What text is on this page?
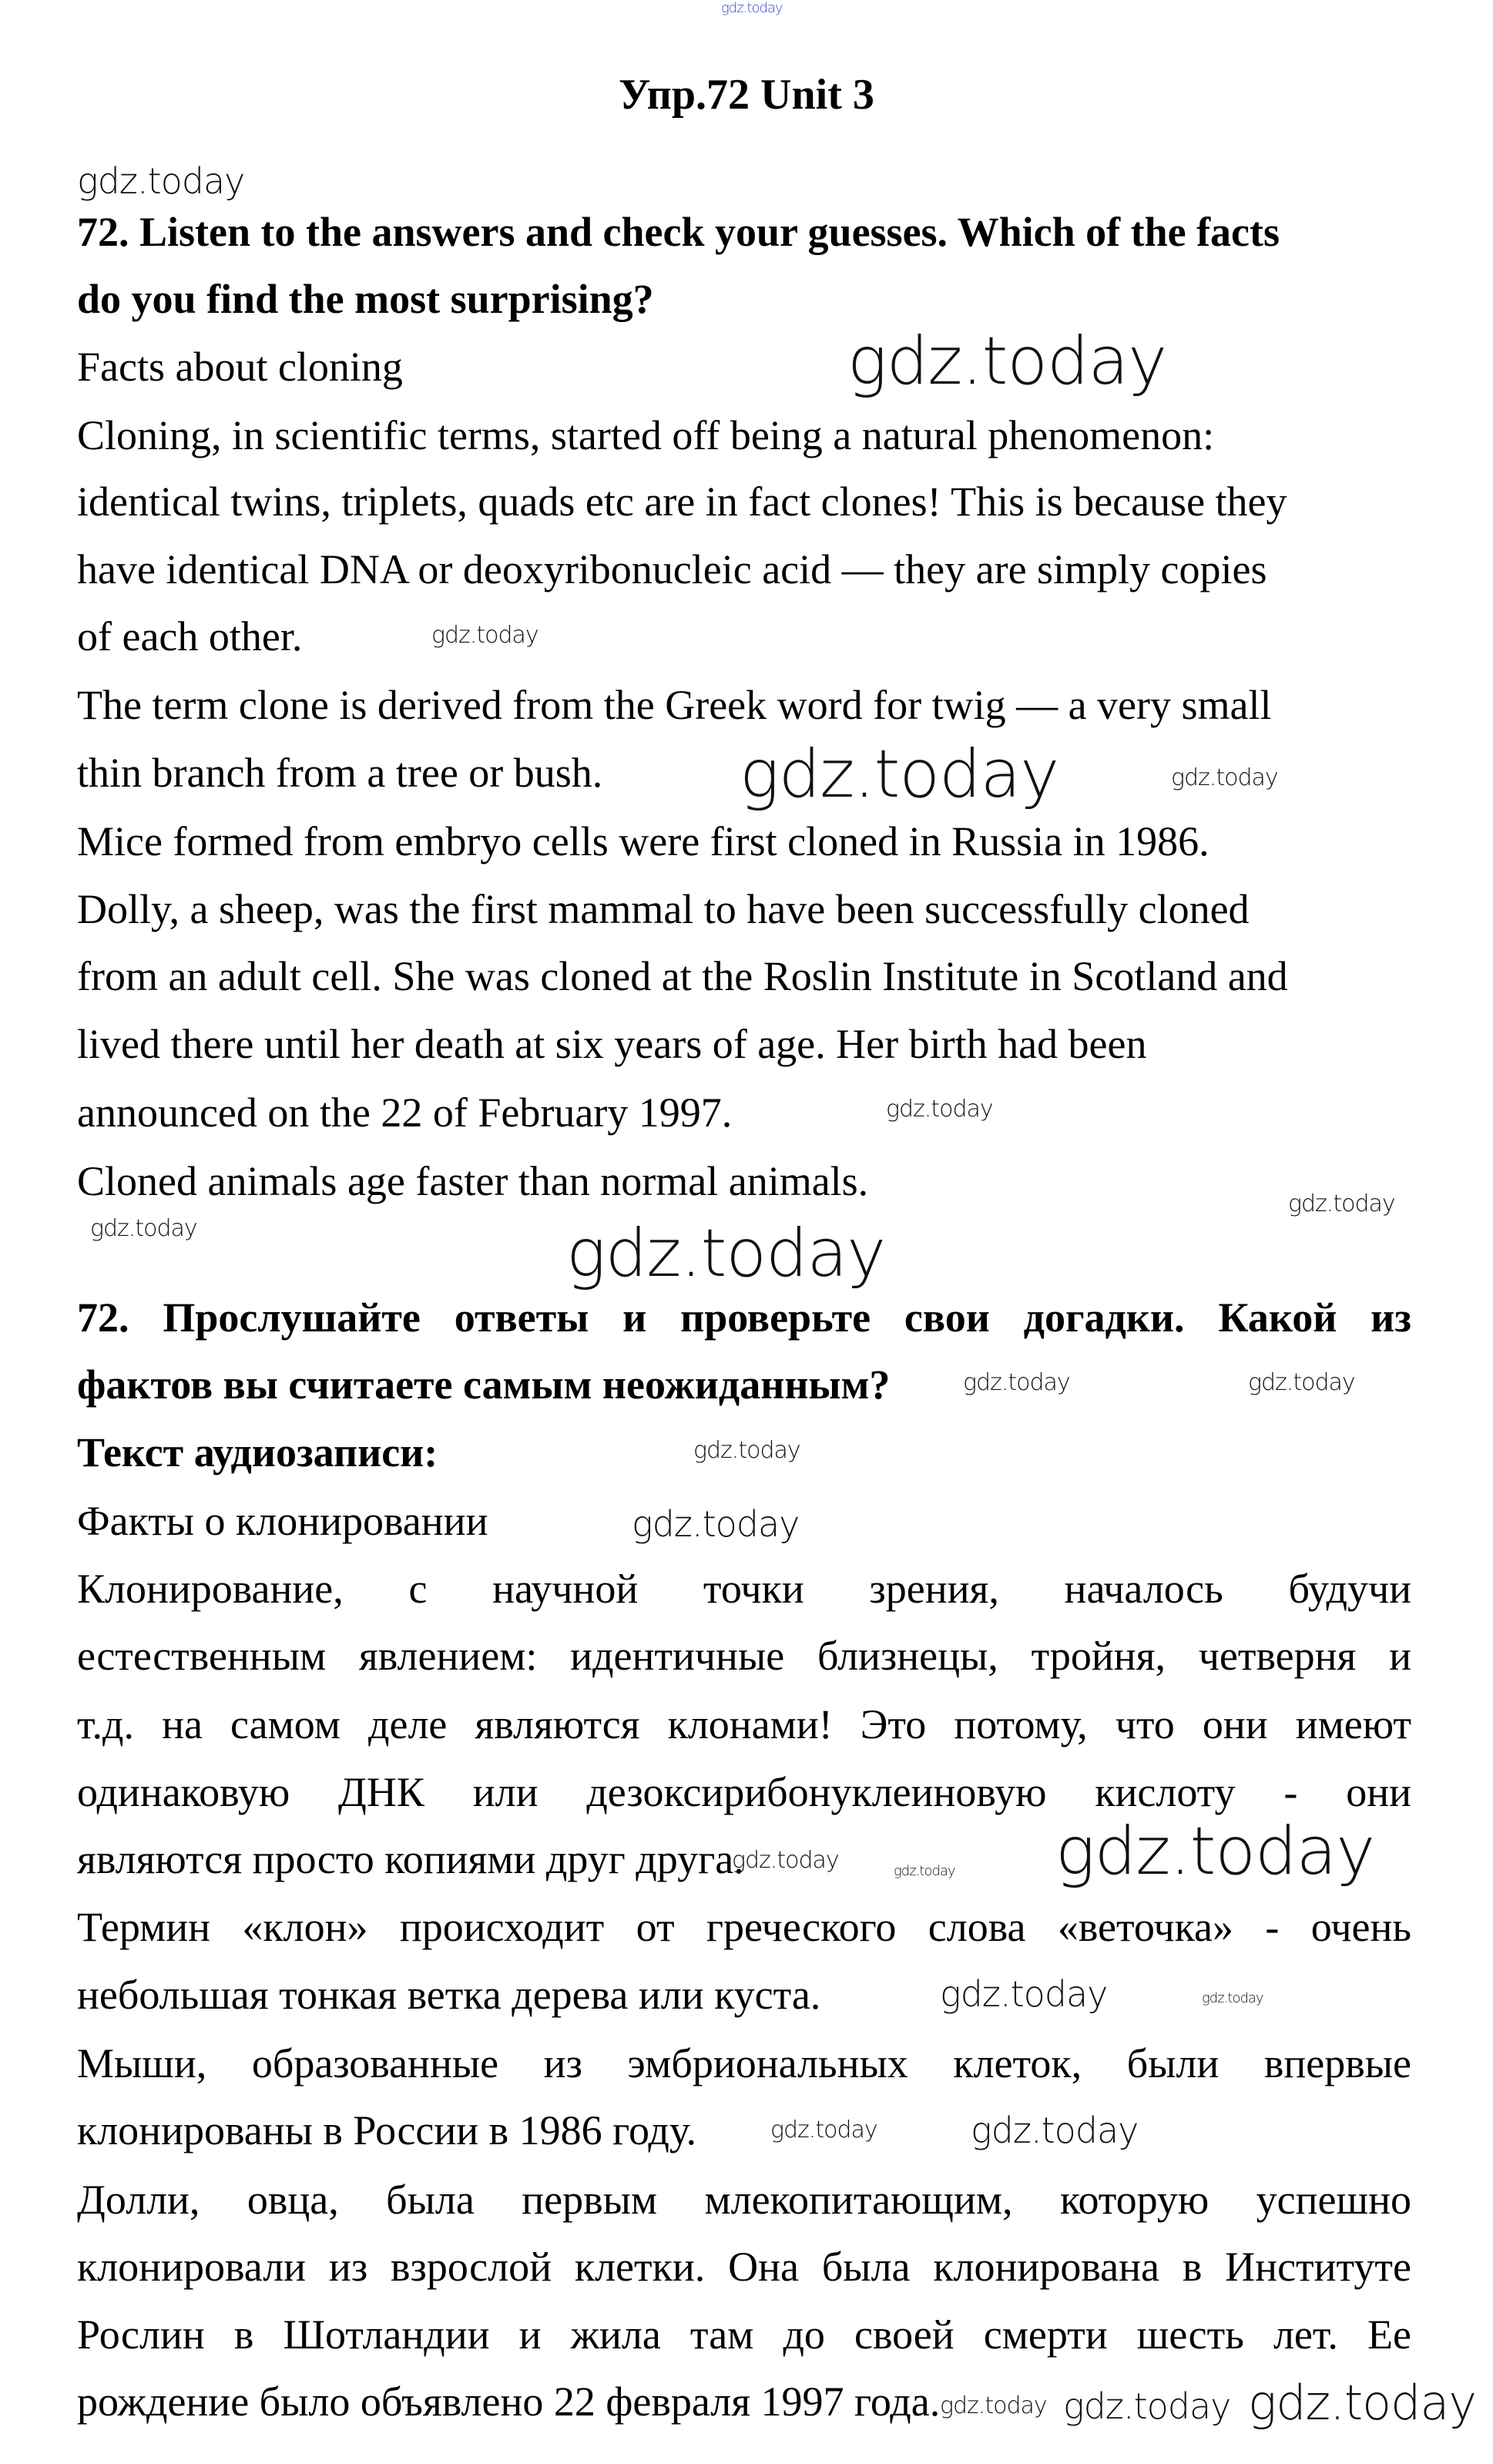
Упр.72 Unit 3
72. Listen to the answers and check your guesses. Which of the facts
do you find the most surprising?
Facts about cloning
Cloning, in scientific terms, started off being a natural phenomenon:
identical twins, triplets, quads etc are in fact clones! This is because they
have identical DNA or deoxyribonucleic acid — they are simply copies
of each other.
The term clone is derived from the Greek word for twig — a very small
thin branch from a tree or bush.
Mice formed from embryo cells were first cloned in Russia in 1986.
Dolly, a sheep, was the first mammal to have been successfully cloned
from an adult cell. She was cloned at the Roslin Institute in Scotland and
lived there until her death at six years of age. Her birth had been
announced on the 22 of February 1997.
Cloned animals age faster than normal animals.
72. Прослушайте ответы и проверьте свои догадки. Какой из
фактов вы считаете самым неожиданным?
Текст аудиозаписи:
Факты о клонировании
Клонирование, с научной точки зрения, началось будучи
естественным явлением: идентичные близнецы, тройня, четверня и
т.д. на самом деле являются клонами! Это потому, что они имеют
одинаковую ДНК или дезоксирибонуклеиновую кислоту - они
являются просто копиями друг друга.
Термин «клон» происходит от греческого слова «веточка» - очень
небольшая тонкая ветка дерева или куста.
Мыши, образованные из эмбриональных клеток, были впервые
клонированы в России в 1986 году.
Долли, овца, была первым млекопитающим, которую успешно
клонировали из взрослой клетки. Она была клонирована в Институте
Рослин в Шотландии и жила там до своей смерти шесть лет. Ее
рождение было объявлено 22 февраля 1997 года.
gdz.today
gdz.today
gdz.today
gdz.today
gdz.today	gdz.today
gdz.today
gdz.today
gdz.today
gdz.today
gdz.today	gdz.today
gdz.today
gdz.today
gdz.today
gdz.today
gdz.today
gdz.today	gdz.today
gdz.today	gdz.today
gdz.today
gdz.today	gdz.today
